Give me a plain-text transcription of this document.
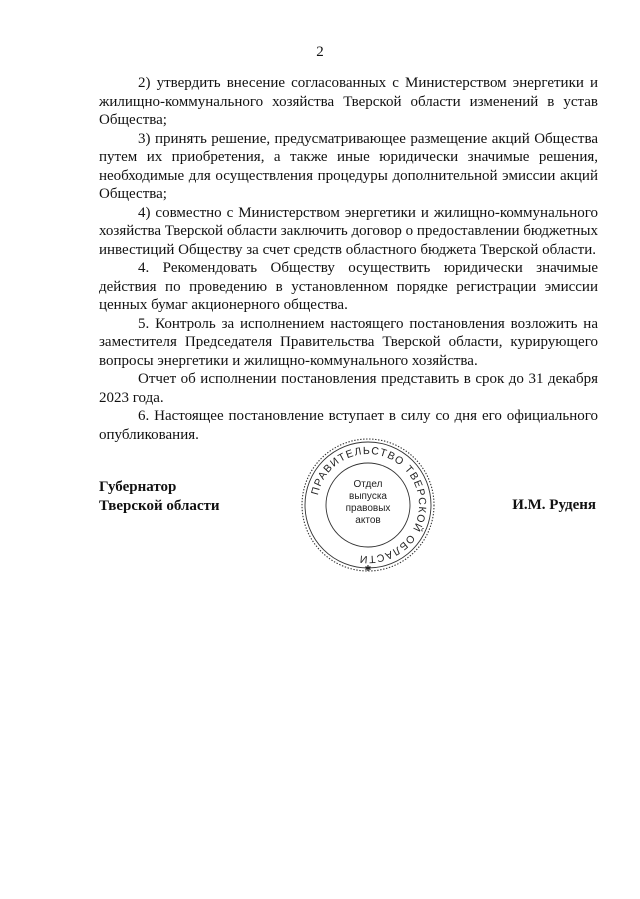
2

2) утвердить внесение согласованных с Министерством энергетики и жилищно-коммунального хозяйства Тверской области изменений в устав Общества;

3) принять решение, предусматривающее размещение акций Общества путем их приобретения, а также иные юридически значимые решения, необходимые для осуществления процедуры дополнительной эмиссии акций Общества;

4) совместно с Министерством энергетики и жилищно-коммунального хозяйства Тверской области заключить договор о предоставлении бюджетных инвестиций Обществу за счет средств областного бюджета Тверской области.

4. Рекомендовать Обществу осуществить юридически значимые действия по проведению в установленном порядке регистрации эмиссии ценных бумаг акционерного общества.

5. Контроль за исполнением настоящего постановления возложить на заместителя Председателя Правительства Тверской области, курирующего вопросы энергетики и жилищно-коммунального хозяйства.

Отчет об исполнении постановления представить в срок до 31 декабря 2023 года.

6. Настоящее постановление вступает в силу со дня его официального опубликования.

Губернатор
Тверской области
ПРАВИТЕЛЬСТВО ТВЕРСКОЙ ОБЛАСТИ
✱
Отдел
выпуска
правовых
актов
И.М. Руденя
